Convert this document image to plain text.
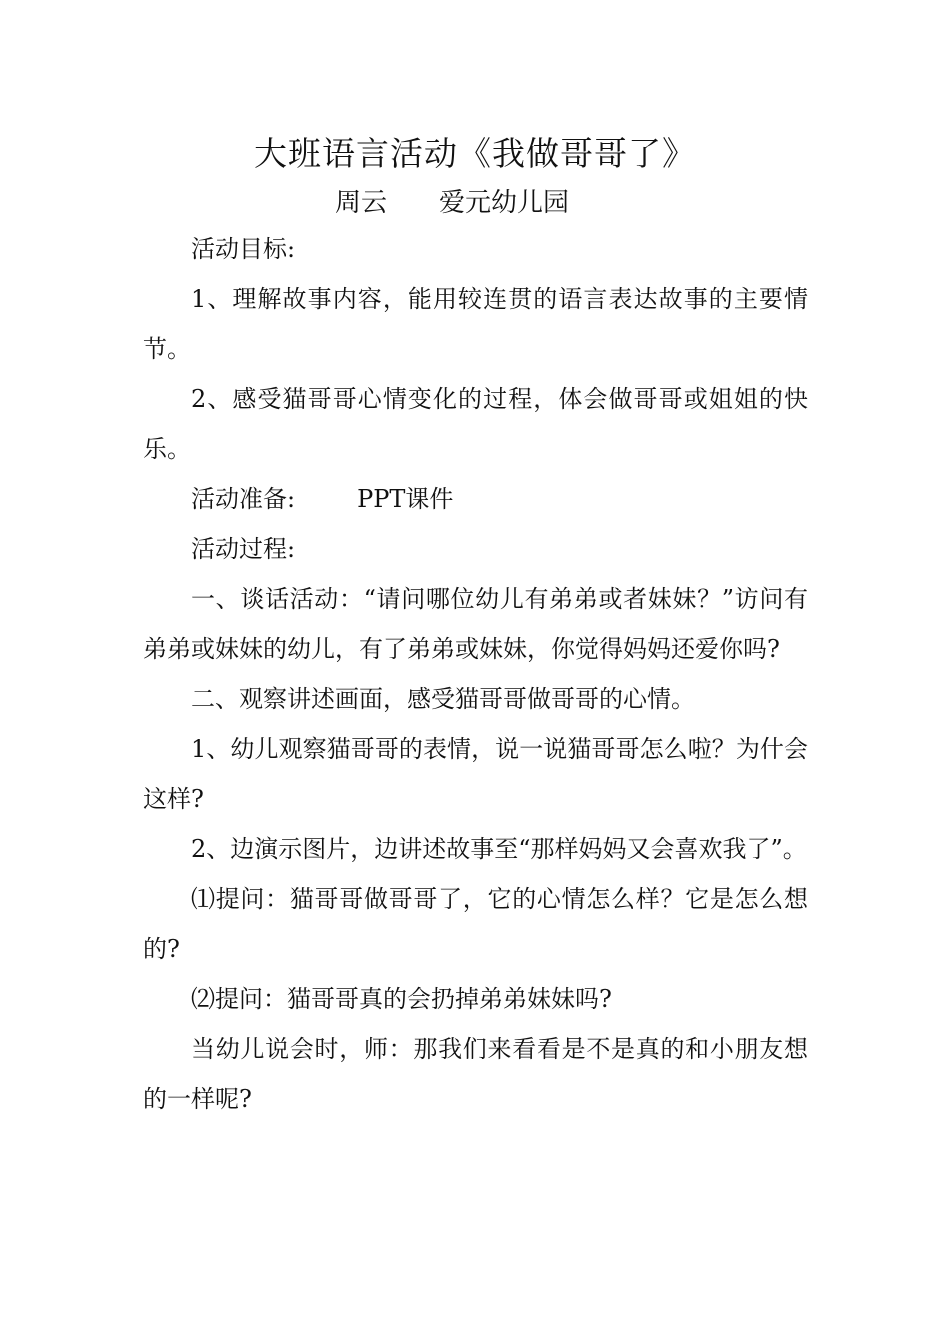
大班语言活动《我做哥哥了》
周云 爱元幼儿园

活动目标:

1、理解故事内容，能用较连贯的语言表达故事的主要情节。

2、感受猫哥哥心情变化的过程，体会做哥哥或姐姐的快乐。

活动准备:	PPT课件

活动过程:

一、谈话活动：“请问哪位幼儿有弟弟或者妹妹？”访问有弟弟或妹妹的幼儿，有了弟弟或妹妹，你觉得妈妈还爱你吗?

二、观察讲述画面，感受猫哥哥做哥哥的心情。

1、幼儿观察猫哥哥的表情，说一说猫哥哥怎么啦？为什会这样?

2、边演示图片，边讲述故事至“那样妈妈又会喜欢我了”。

⑴提问：猫哥哥做哥哥了，它的心情怎么样？它是怎么想的?

⑵提问：猫哥哥真的会扔掉弟弟妹妹吗?

当幼儿说会时，师：那我们来看看是不是真的和小朋友想的一样呢?
